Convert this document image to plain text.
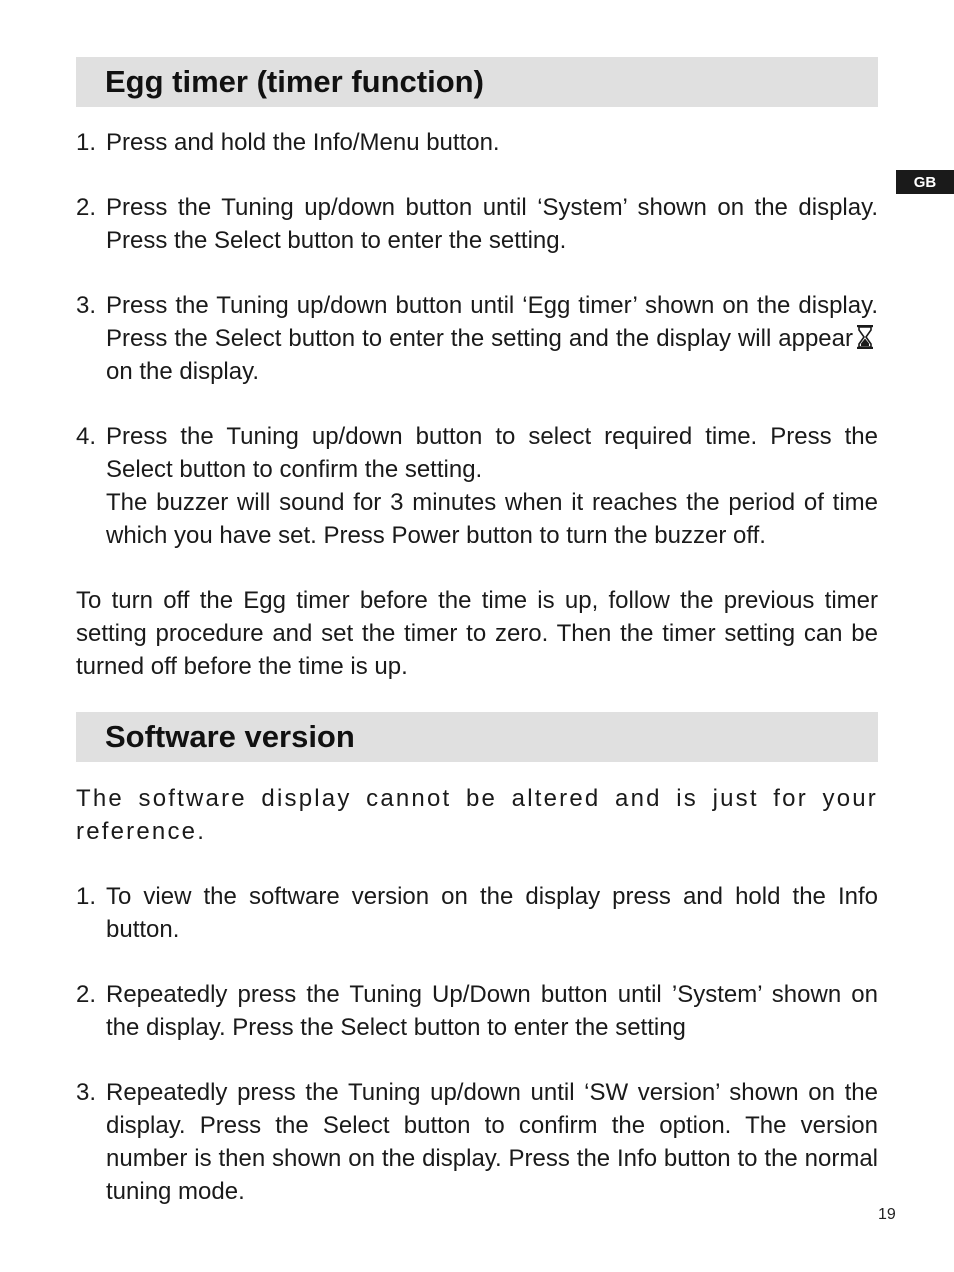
GB
Egg timer (timer function)
1. Press and hold the Info/Menu button.
2. Press the Tuning up/down button until ‘System’ shown on the display. Press the Select button to enter the setting.
3. Press the Tuning up/down button until ‘Egg timer’ shown on the display. Press the Select button to enter the setting and the display will appearon the display.
4. Press the Tuning up/down button to select required time. Press the Select button to confirm the setting.
The buzzer will sound for 3 minutes when it reaches the period of time which you have set. Press Power button to turn the buzzer off.

To turn off the Egg timer before the time is up, follow the previous timer setting procedure and set the timer to zero. Then the timer setting can be turned off before the time is up.

Software version

The software display cannot be altered and is just for your reference.

1. To view the software version on the display press and hold the Info button.
2. Repeatedly press the Tuning Up/Down button until ’System’ shown on the display. Press the Select button to enter the setting
3. Repeatedly press the Tuning up/down until ‘SW version’ shown on the display. Press the Select button to confirm the option. The version number is then shown on the display. Press the Info button to the normal tuning mode.
19
